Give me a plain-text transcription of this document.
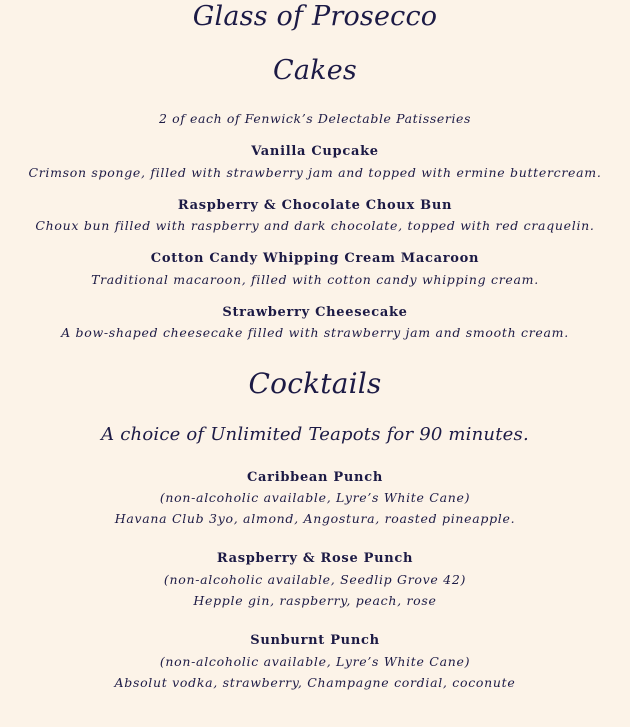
Glass of Prosecco
Cakes

2 of each of Fenwick’s Delectable Patisseries

Vanilla Cupcake

Crimson sponge, filled with strawberry jam and topped with ermine buttercream.

Raspberry & Chocolate Choux Bun

Choux bun filled with raspberry and dark chocolate, topped with red craquelin.

Cotton Candy Whipping Cream Macaroon

Traditional macaroon, filled with cotton candy whipping cream.

Strawberry Cheesecake

A bow-shaped cheesecake filled with strawberry jam and smooth cream.

Cocktails

A choice of Unlimited Teapots for 90 minutes.

Caribbean Punch

(non-alcoholic available, Lyre’s White Cane)

Havana Club 3yo, almond, Angostura, roasted pineapple.

Raspberry & Rose Punch

(non-alcoholic available, Seedlip Grove 42)

Hepple gin, raspberry, peach, rose

Sunburnt Punch

(non-alcoholic available, Lyre’s White Cane)

Absolut vodka, strawberry, Champagne cordial, coconute
